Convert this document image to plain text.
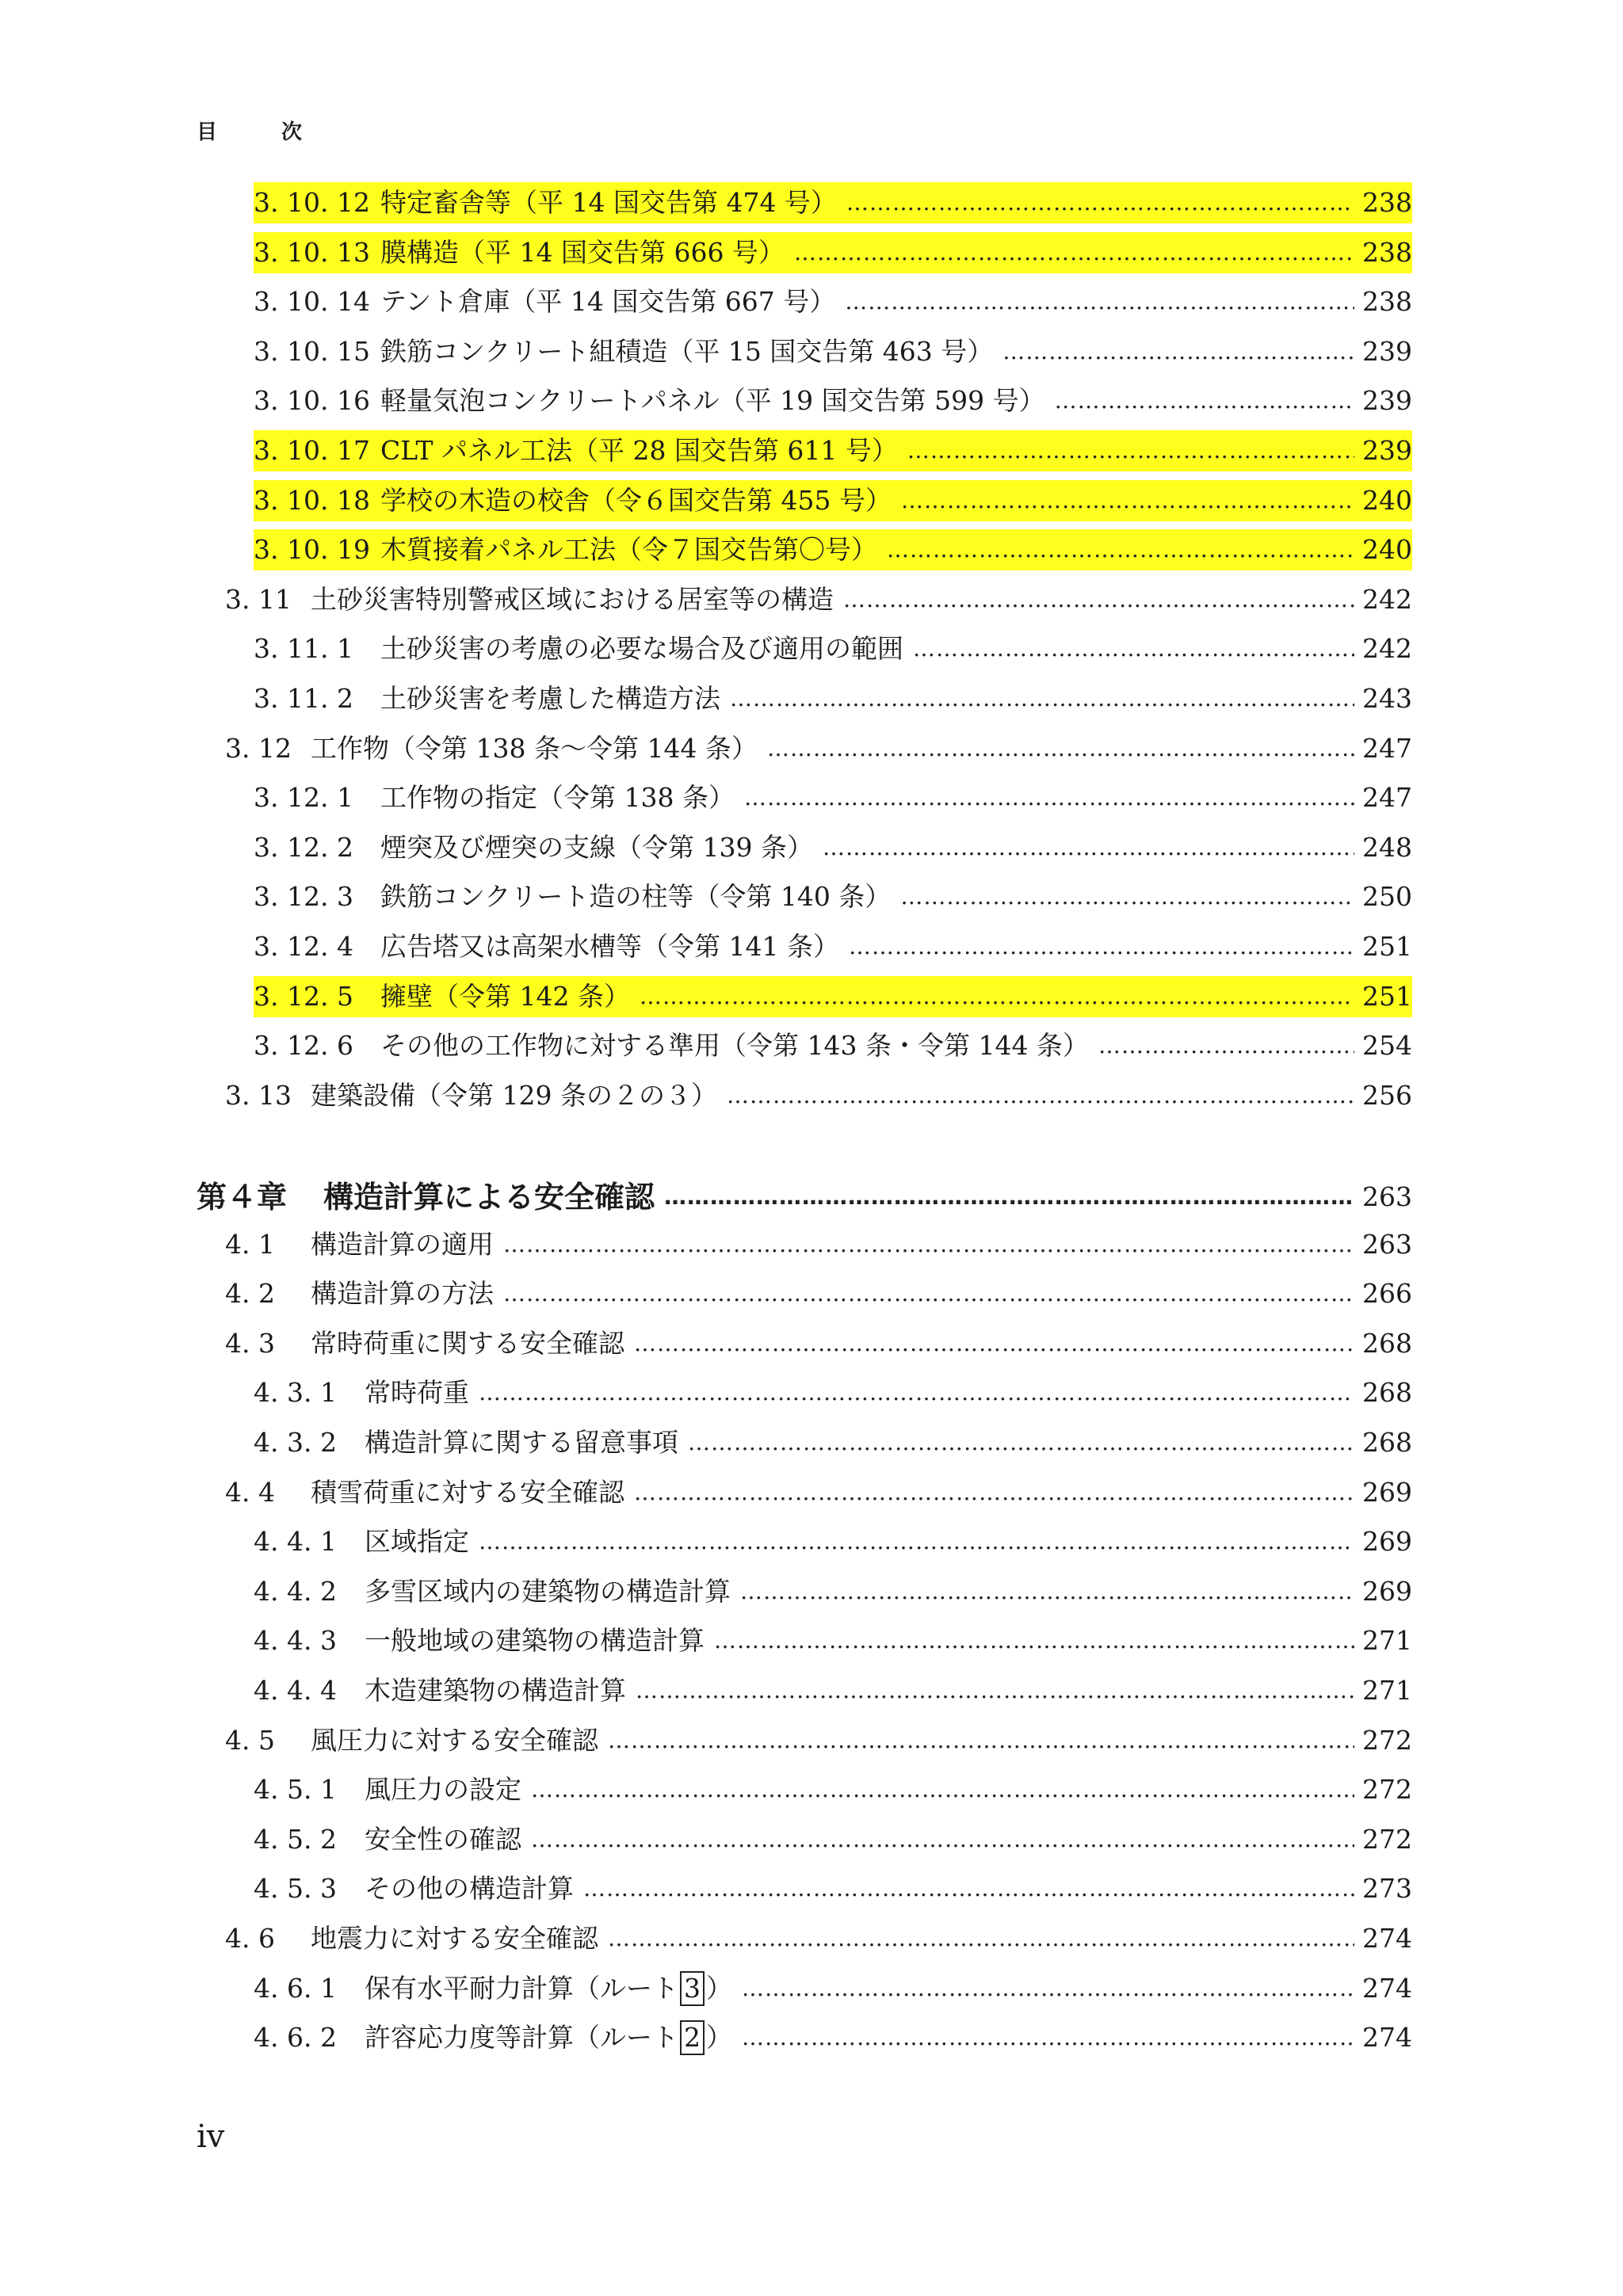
目 次
3. 10. 12 特定畜舎等（平 14 国交告第 474 号） ………………………………………………………………………………………………………………………………………………………………………………………………………………………………………………………………………………………………………………………	238
3. 10. 13 膜構造（平 14 国交告第 666 号） ………………………………………………………………………………………………………………………………………………………………………………………………………………………………………………………………………………………………………………………	238
3. 10. 14 テント倉庫（平 14 国交告第 667 号） ………………………………………………………………………………………………………………………………………………………………………………………………………………………………………………………………………………………………………………………	238
3. 10. 15 鉄筋コンクリート組積造（平 15 国交告第 463 号） ………………………………………………………………………………………………………………………………………………………………………………………………………………………………………………………………………………………………………………………	239
3. 10. 16 軽量気泡コンクリートパネル（平 19 国交告第 599 号） ………………………………………………………………………………………………………………………………………………………………………………………………………………………………………………………………………………………………………………………	239
3. 10. 17 CLT パネル工法（平 28 国交告第 611 号） ………………………………………………………………………………………………………………………………………………………………………………………………………………………………………………………………………………………………………………………	239
3. 10. 18 学校の木造の校舎（令６国交告第 455 号） ………………………………………………………………………………………………………………………………………………………………………………………………………………………………………………………………………………………………………………………	240
3. 10. 19 木質接着パネル工法（令７国交告第〇号） ………………………………………………………………………………………………………………………………………………………………………………………………………………………………………………………………………………………………………………………	240
3. 11 土砂災害特別警戒区域における居室等の構造 ………………………………………………………………………………………………………………………………………………………………………………………………………………………………………………………………………………………………………………………	242
3. 11. 1	土砂災害の考慮の必要な場合及び適用の範囲 ………………………………………………………………………………………………………………………………………………………………………………………………………………………………………………………………………………………………………………………	242
3. 11. 2	土砂災害を考慮した構造方法 ………………………………………………………………………………………………………………………………………………………………………………………………………………………………………………………………………………………………………………………	243
3. 12 工作物（令第 138 条～令第 144 条） ………………………………………………………………………………………………………………………………………………………………………………………………………………………………………………………………………………………………………………………	247
3. 12. 1	工作物の指定（令第 138 条） ………………………………………………………………………………………………………………………………………………………………………………………………………………………………………………………………………………………………………………………	247
3. 12. 2	煙突及び煙突の支線（令第 139 条） ………………………………………………………………………………………………………………………………………………………………………………………………………………………………………………………………………………………………………………………	248
3. 12. 3	鉄筋コンクリート造の柱等（令第 140 条） ………………………………………………………………………………………………………………………………………………………………………………………………………………………………………………………………………………………………………………………	250
3. 12. 4	広告塔又は高架水槽等（令第 141 条） ………………………………………………………………………………………………………………………………………………………………………………………………………………………………………………………………………………………………………………………	251
3. 12. 5	擁壁（令第 142 条） ………………………………………………………………………………………………………………………………………………………………………………………………………………………………………………………………………………………………………………………	251
3. 12. 6	その他の工作物に対する準用（令第 143 条・令第 144 条） ………………………………………………………………………………………………………………………………………………………………………………………………………………………………………………………………………………………………………………………	254
3. 13 建築設備（令第 129 条の２の３） ………………………………………………………………………………………………………………………………………………………………………………………………………………………………………………………………………………………………………………………	256
第４章	構造計算による安全確認 ………………………………………………………………………………………………………………………………………………………………………………………………………………………………………………………………………………………………………………………	263
4. 1	構造計算の適用 ………………………………………………………………………………………………………………………………………………………………………………………………………………………………………………………………………………………………………………………	263
4. 2	構造計算の方法 ………………………………………………………………………………………………………………………………………………………………………………………………………………………………………………………………………………………………………………………	266
4. 3	常時荷重に関する安全確認 ………………………………………………………………………………………………………………………………………………………………………………………………………………………………………………………………………………………………………………………	268
4. 3. 1	常時荷重 ………………………………………………………………………………………………………………………………………………………………………………………………………………………………………………………………………………………………………………………	268
4. 3. 2	構造計算に関する留意事項 ………………………………………………………………………………………………………………………………………………………………………………………………………………………………………………………………………………………………………………………	268
4. 4	積雪荷重に対する安全確認 ………………………………………………………………………………………………………………………………………………………………………………………………………………………………………………………………………………………………………………………	269
4. 4. 1	区域指定 ………………………………………………………………………………………………………………………………………………………………………………………………………………………………………………………………………………………………………………………	269
4. 4. 2	多雪区域内の建築物の構造計算 ………………………………………………………………………………………………………………………………………………………………………………………………………………………………………………………………………………………………………………………	269
4. 4. 3	一般地域の建築物の構造計算 ………………………………………………………………………………………………………………………………………………………………………………………………………………………………………………………………………………………………………………………	271
4. 4. 4	木造建築物の構造計算 ………………………………………………………………………………………………………………………………………………………………………………………………………………………………………………………………………………………………………………………	271
4. 5	風圧力に対する安全確認 ………………………………………………………………………………………………………………………………………………………………………………………………………………………………………………………………………………………………………………………	272
4. 5. 1	風圧力の設定 ………………………………………………………………………………………………………………………………………………………………………………………………………………………………………………………………………………………………………………………	272
4. 5. 2	安全性の確認 ………………………………………………………………………………………………………………………………………………………………………………………………………………………………………………………………………………………………………………………	272
4. 5. 3	その他の構造計算 ………………………………………………………………………………………………………………………………………………………………………………………………………………………………………………………………………………………………………………………	273
4. 6	地震力に対する安全確認 ………………………………………………………………………………………………………………………………………………………………………………………………………………………………………………………………………………………………………………………	274
4. 6. 1	保有水平耐力計算（ルート 3 ） ………………………………………………………………………………………………………………………………………………………………………………………………………………………………………………………………………………………………………………………	274
4. 6. 2	許容応力度等計算（ルート 2 ） ………………………………………………………………………………………………………………………………………………………………………………………………………………………………………………………………………………………………………………………	274
iv
